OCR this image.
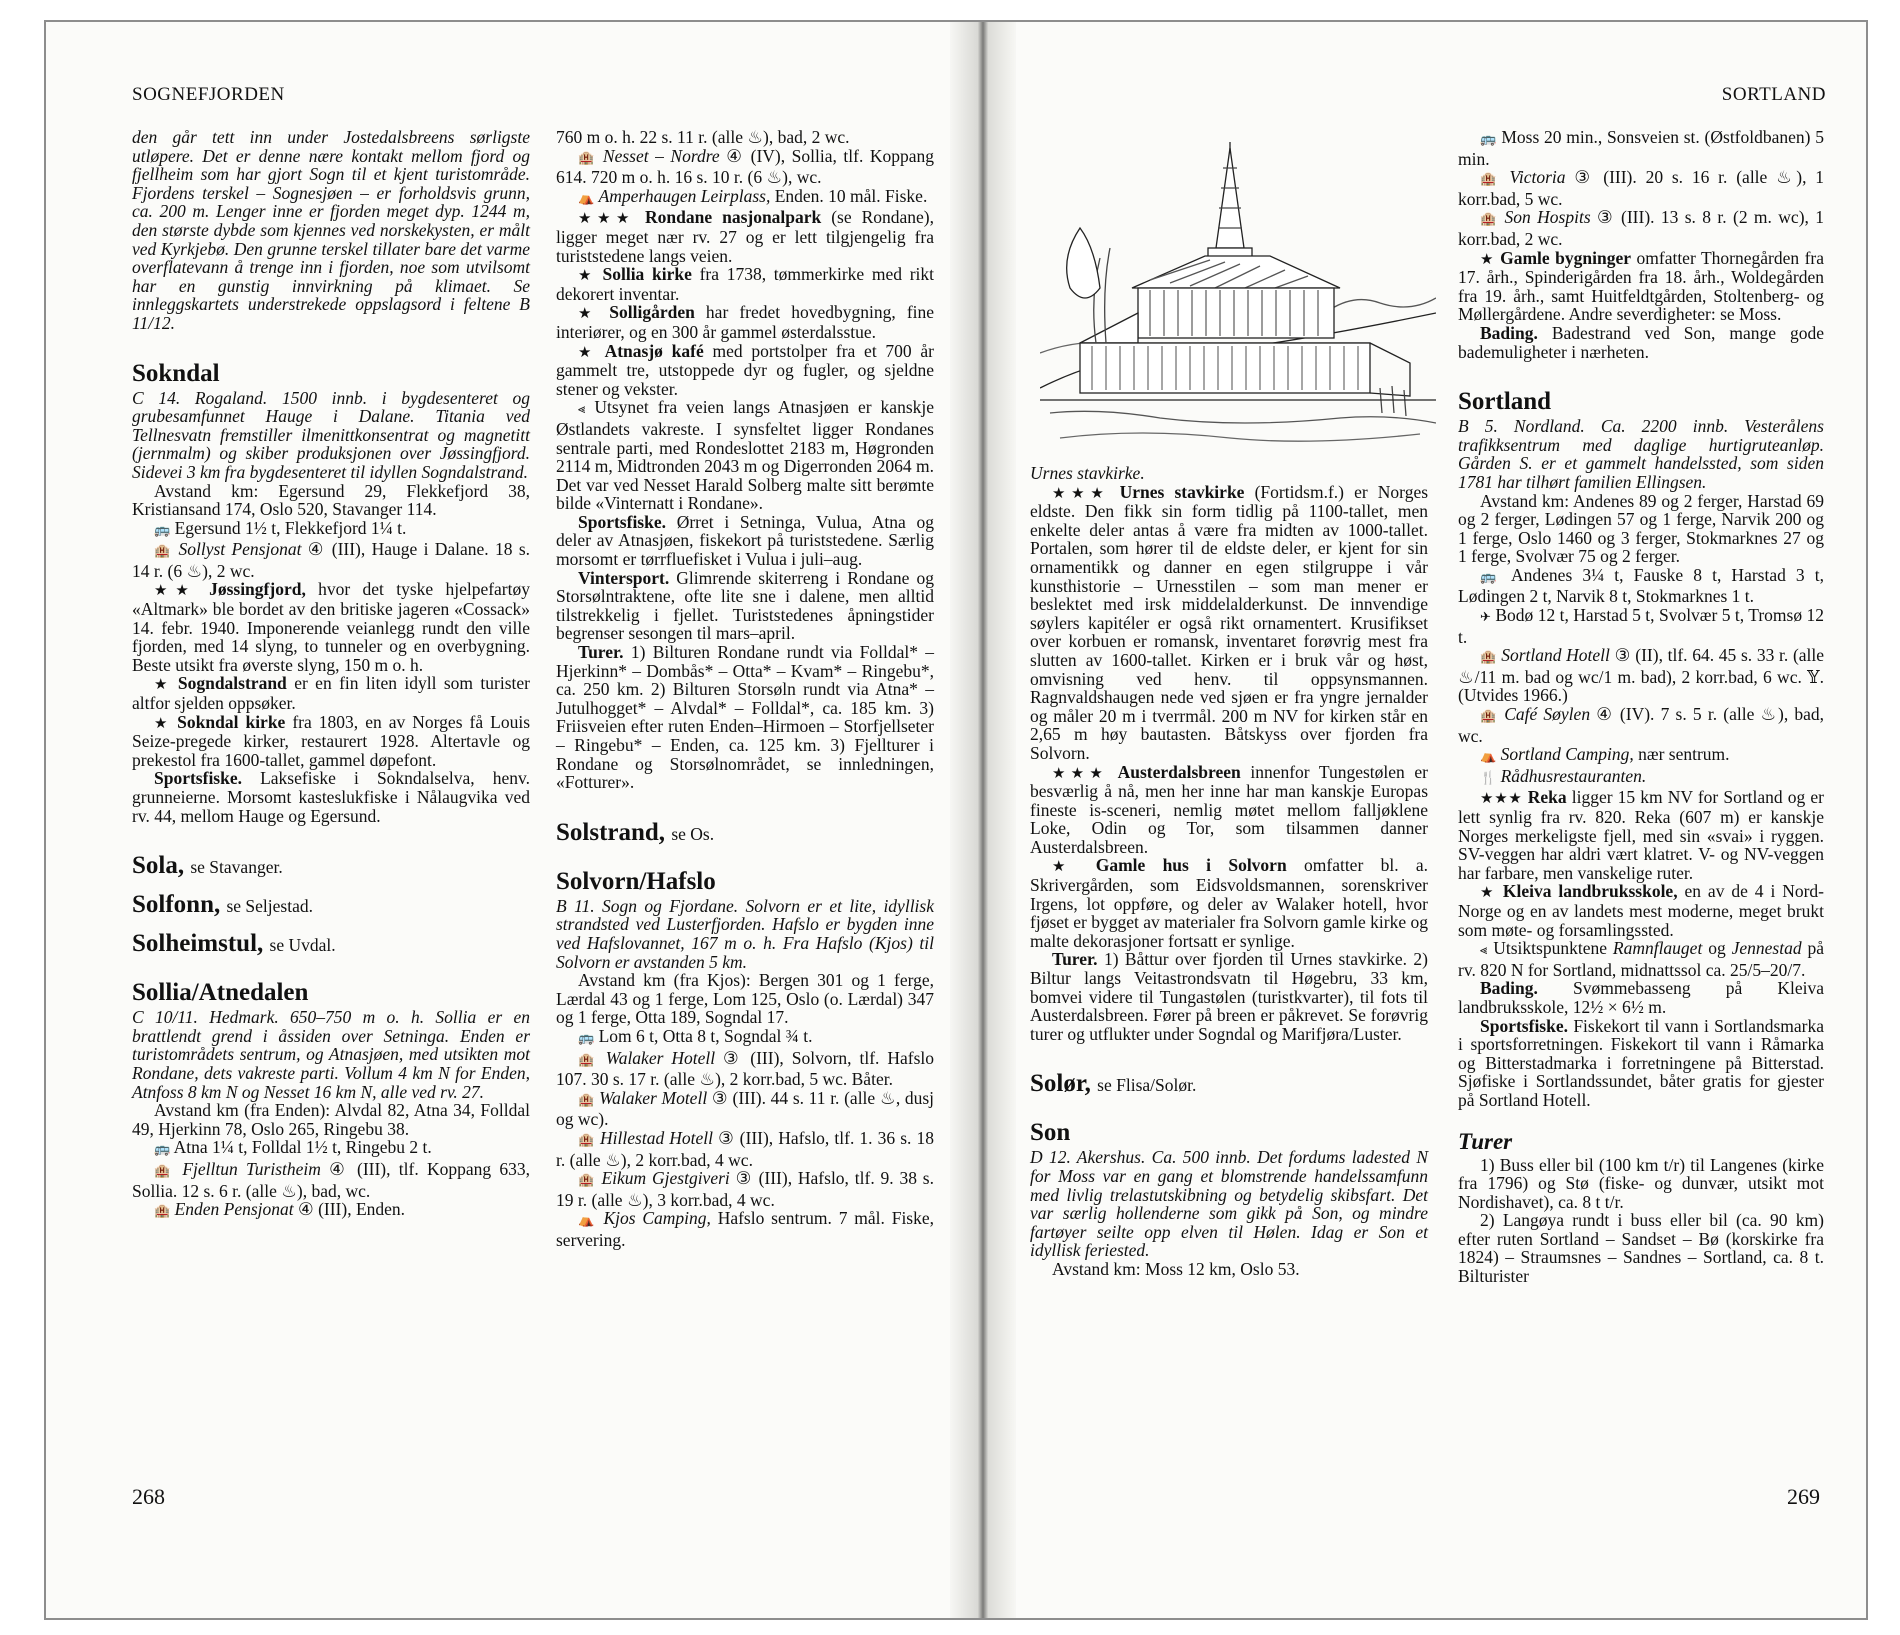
SOGNEFJORDEN

den går tett inn under Jostedalsbreens sørligste utløpere. Det er denne nære kontakt mellom fjord og fjellheim som har gjort Sogn til et kjent turistområde. Fjordens terskel – Sognesjøen – er forholdsvis grunn, ca. 200 m. Lenger inne er fjorden meget dyp. 1244 m, den største dybde som kjennes ved norskekysten, er målt ved Kyrkjebø. Den grunne terskel tillater bare det varme overflatevann å trenge inn i fjorden, noe som utvilsomt har en gunstig innvirkning på klimaet. Se innleggskartets understrekede oppslagsord i feltene B 11/12.

Sokndal

C 14. Rogaland. 1500 innb. i bygdesenteret og grubesamfunnet Hauge i Dalane. Titania ved Tellnesvatn fremstiller ilmenittkonsentrat og magnetitt (jernmalm) og skiber produksjonen over Jøssingfjord. Sidevei 3 km fra bygdesenteret til idyllen Sogndalstrand.

Avstand km: Egersund 29, Flekkefjord 38, Kristiansand 174, Oslo 520, Stavanger 114.

🚌 Egersund 1½ t, Flekkefjord 1¼ t.

🏨 Sollyst Pensjonat ④ (III), Hauge i Dalane. 18 s. 14 r. (6 ♨), 2 wc.

★★ Jøssingfjord, hvor det tyske hjelpefartøy «Altmark» ble bordet av den britiske jageren «Cossack» 14. febr. 1940. Imponerende veianlegg rundt den ville fjorden, med 14 slyng, to tunneler og en overbygning. Beste utsikt fra øverste slyng, 150 m o. h.

★ Sogndalstrand er en fin liten idyll som turister altfor sjelden oppsøker.

★ Sokndal kirke fra 1803, en av Norges få Louis Seize-pregede kirker, restaurert 1928. Altertavle og prekestol fra 1600-tallet, gammel døpefont.

Sportsfiske. Laksefiske i Sokndalselva, henv. grunneierne. Morsomt kasteslukfiske i Nålaugvika ved rv. 44, mellom Hauge og Egersund.

Sola, se Stavanger.
Solfonn, se Seljestad.
Solheimstul, se Uvdal.
Sollia/Atnedalen

C 10/11. Hedmark. 650–750 m o. h. Sollia er en brattlendt grend i åssiden over Setninga. Enden er turistområdets sentrum, og Atnasjøen, med utsikten mot Rondane, dets vakreste parti. Vollum 4 km N for Enden, Atnfoss 8 km N og Nesset 16 km N, alle ved rv. 27.

Avstand km (fra Enden): Alvdal 82, Atna 34, Folldal 49, Hjerkinn 78, Oslo 265, Ringebu 38.

🚌 Atna 1¼ t, Folldal 1½ t, Ringebu 2 t.

🏨 Fjelltun Turistheim ④ (III), tlf. Koppang 633, Sollia. 12 s. 6 r. (alle ♨), bad, wc.

🏨 Enden Pensjonat ④ (III), Enden.

760 m o. h. 22 s. 11 r. (alle ♨), bad, 2 wc.

🏨 Nesset – Nordre ④ (IV), Sollia, tlf. Koppang 614. 720 m o. h. 16 s. 10 r. (6 ♨), wc.

⛺ Amperhaugen Leirplass, Enden. 10 mål. Fiske.

★★★ Rondane nasjonalpark (se Rondane), ligger meget nær rv. 27 og er lett tilgjengelig fra turiststedene langs veien.

★ Sollia kirke fra 1738, tømmerkirke med rikt dekorert inventar.

★ Solligården har fredet hovedbygning, fine interiører, og en 300 år gammel østerdalsstue.

★ Atnasjø kafé med portstolper fra et 700 år gammelt tre, utstoppede dyr og fugler, og sjeldne stener og vekster.

⪡ Utsynet fra veien langs Atnasjøen er kanskje Østlandets vakreste. I synsfeltet ligger Rondanes sentrale parti, med Rondeslottet 2183 m, Høgronden 2114 m, Midtronden 2043 m og Digerronden 2064 m. Det var ved Nesset Harald Solberg malte sitt berømte bilde «Vinternatt i Rondane».

Sportsfiske. Ørret i Setninga, Vulua, Atna og deler av Atnasjøen, fiskekort på turiststedene. Særlig morsomt er tørrfluefisket i Vulua i juli–aug.

Vintersport. Glimrende skiterreng i Rondane og Storsølntraktene, ofte lite sne i dalene, men alltid tilstrekkelig i fjellet. Turiststedenes åpningstider begrenser sesongen til mars–april.

Turer. 1) Bilturen Rondane rundt via Folldal* – Hjerkinn* – Dombås* – Otta* – Kvam* – Ringebu*, ca. 250 km. 2) Bilturen Storsøln rundt via Atna* – Jutulhogget* – Alvdal* – Folldal*, ca. 185 km. 3) Friisveien efter ruten Enden–Hirmoen – Storfjellseter – Ringebu* – Enden, ca. 125 km. 3) Fjellturer i Rondane og Storsølnområdet, se innledningen, «Fotturer».

Solstrand, se Os.
Solvorn/Hafslo

B 11. Sogn og Fjordane. Solvorn er et lite, idyllisk strandsted ved Lusterfjorden. Hafslo er bygden inne ved Hafslovannet, 167 m o. h. Fra Hafslo (Kjos) til Solvorn er avstanden 5 km.

Avstand km (fra Kjos): Bergen 301 og 1 ferge, Lærdal 43 og 1 ferge, Lom 125, Oslo (o. Lærdal) 347 og 1 ferge, Otta 189, Sogndal 17.

🚌 Lom 6 t, Otta 8 t, Sogndal ¾ t.

🏨 Walaker Hotell ③ (III), Solvorn, tlf. Hafslo 107. 30 s. 17 r. (alle ♨), 2 korr.bad, 5 wc. Båter.

🏨 Walaker Motell ③ (III). 44 s. 11 r. (alle ♨, dusj og wc).

🏨 Hillestad Hotell ③ (III), Hafslo, tlf. 1. 36 s. 18 r. (alle ♨), 2 korr.bad, 4 wc.

🏨 Eikum Gjestgiveri ③ (III), Hafslo, tlf. 9. 38 s. 19 r. (alle ♨), 3 korr.bad, 4 wc.

⛺ Kjos Camping, Hafslo sentrum. 7 mål. Fiske, servering.

268
SORTLAND

Urnes stavkirke.

★★★ Urnes stavkirke (Fortidsm.f.) er Norges eldste. Den fikk sin form tidlig på 1100-tallet, men enkelte deler antas å være fra midten av 1000-tallet. Portalen, som hører til de eldste deler, er kjent for sin ornamentikk og danner en egen stilgruppe i vår kunsthistorie – Urnesstilen – som man mener er beslektet med irsk middelalderkunst. De innvendige søylers kapitéler er også rikt ornamentert. Krusifikset over korbuen er romansk, inventaret forøvrig mest fra slutten av 1600-tallet. Kirken er i bruk vår og høst, omvisning ved henv. til oppsynsmannen. Ragnvaldshaugen nede ved sjøen er fra yngre jernalder og måler 20 m i tverrmål. 200 m NV for kirken står en 2,65 m høy bautasten. Båtskyss over fjorden fra Solvorn.

★★★ Austerdalsbreen innenfor Tungestølen er besværlig å nå, men her inne har man kanskje Europas fineste is-sceneri, nemlig møtet mellom falljøklene Loke, Odin og Tor, som tilsammen danner Austerdalsbreen.

★ Gamle hus i Solvorn omfatter bl. a. Skrivergården, som Eidsvoldsmannen, sorenskriver Irgens, lot oppføre, og deler av Walaker hotell, hvor fjøset er bygget av materialer fra Solvorn gamle kirke og malte dekorasjoner fortsatt er synlige.

Turer. 1) Båttur over fjorden til Urnes stavkirke. 2) Biltur langs Veitastrondsvatn til Høgebru, 33 km, bomvei videre til Tungastølen (turistkvarter), til fots til Austerdalsbreen. Fører på breen er påkrevet. Se forøvrig turer og utflukter under Sogndal og Marifjøra/Luster.

Solør, se Flisa/Solør.
Son

D 12. Akershus. Ca. 500 innb. Det fordums ladested N for Moss var en gang et blomstrende handelssamfunn med livlig trelastutskibning og betydelig skibsfart. Det var særlig hollenderne som gikk på Son, og mindre fartøyer seilte opp elven til Hølen. Idag er Son et idyllisk feriested.

Avstand km: Moss 12 km, Oslo 53.

🚌 Moss 20 min., Sonsveien st. (Østfoldbanen) 5 min.

🏨 Victoria ③ (III). 20 s. 16 r. (alle ♨), 1 korr.bad, 5 wc.

🏨 Son Hospits ③ (III). 13 s. 8 r. (2 m. wc), 1 korr.bad, 2 wc.

★ Gamle bygninger omfatter Thornegården fra 17. årh., Spinderigården fra 18. årh., Woldegården fra 19. årh., samt Huitfeldtgården, Stoltenberg- og Møllergårdene. Andre severdigheter: se Moss.

Bading. Badestrand ved Son, mange gode bademuligheter i nærheten.

Sortland

B 5. Nordland. Ca. 2200 innb. Vesterålens trafikksentrum med daglige hurtigruteanløp. Gården S. er et gammelt handelssted, som siden 1781 har tilhørt familien Ellingsen.

Avstand km: Andenes 89 og 2 ferger, Harstad 69 og 2 ferger, Lødingen 57 og 1 ferge, Narvik 200 og 1 ferge, Oslo 1460 og 3 ferger, Stokmarknes 27 og 1 ferge, Svolvær 75 og 2 ferger.

🚌 Andenes 3¼ t, Fauske 8 t, Harstad 3 t, Lødingen 2 t, Narvik 8 t, Stokmarknes 1 t.

✈ Bodø 12 t, Harstad 5 t, Svolvær 5 t, Tromsø 12 t.

🏨 Sortland Hotell ③ (II), tlf. 64. 45 s. 33 r. (alle ♨/11 m. bad og wc/1 m. bad), 2 korr.bad, 6 wc. 𝕐. (Utvides 1966.)

🏨 Café Søylen ④ (IV). 7 s. 5 r. (alle ♨), bad, wc.

⛺ Sortland Camping, nær sentrum.

🍴 Rådhusrestauranten.

★★★ Reka ligger 15 km NV for Sortland og er lett synlig fra rv. 820. Reka (607 m) er kanskje Norges merkeligste fjell, med sin «svai» i ryggen. SV-veggen har aldri vært klatret. V- og NV-veggen har farbare, men vanskelige ruter.

★ Kleiva landbruksskole, en av de 4 i Nord-Norge og en av landets mest moderne, meget brukt som møte- og forsamlingssted.

⪡ Utsiktspunktene Ramnflauget og Jennestad på rv. 820 N for Sortland, midnattssol ca. 25/5–20/7.

Bading. Svømmebasseng på Kleiva landbruksskole, 12½ × 6½ m.

Sportsfiske. Fiskekort til vann i Sortlandsmarka i sportsforretningen. Fiskekort til vann i Råmarka og Bitterstadmarka i forretningene på Bitterstad. Sjøfiske i Sortlandssundet, båter gratis for gjester på Sortland Hotell.

Turer

1) Buss eller bil (100 km t/r) til Langenes (kirke fra 1796) og Stø (fiske- og dunvær, utsikt mot Nordishavet), ca. 8 t t/r.

2) Langøya rundt i buss eller bil (ca. 90 km) efter ruten Sortland – Sandset – Bø (korskirke fra 1824) – Straumsnes – Sandnes – Sortland, ca. 8 t. Bilturister

269
